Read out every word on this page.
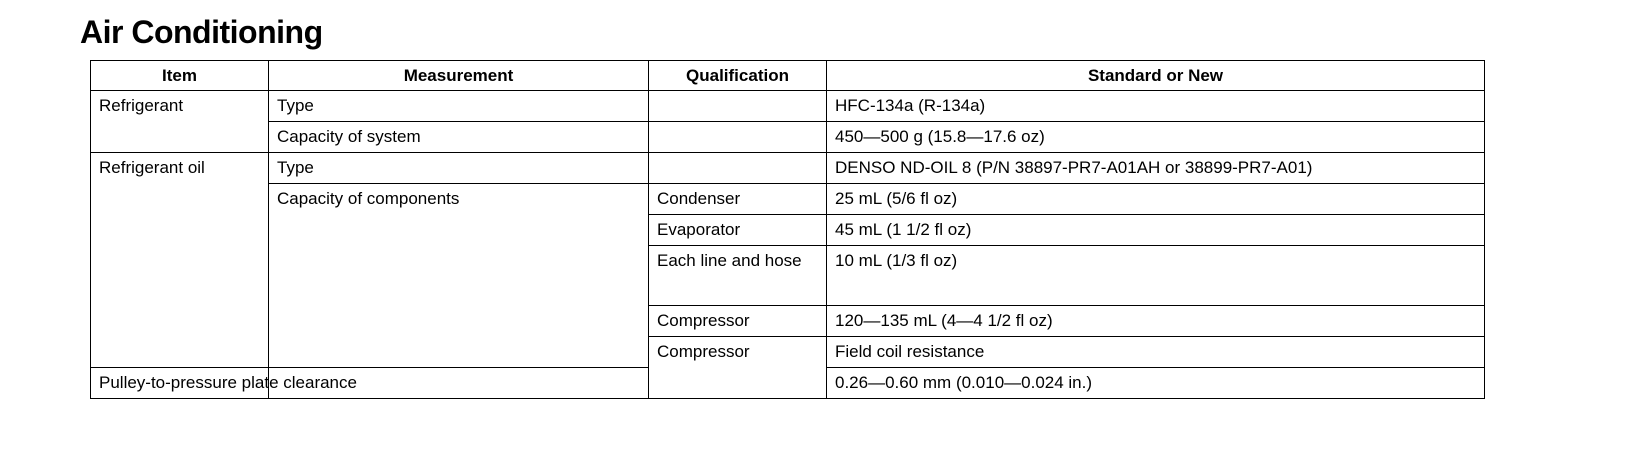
Air Conditioning
Item	Measurement	Qualification	Standard or New	
Refrigerant	Type		HFC-134a (R-134a)	
	Capacity of system		450—500 g (15.8—17.6 oz)	
Refrigerant oil	Type		DENSO ND-OIL 8 (P/N 38897-PR7-A01AH or 38899-PR7-A01)	
	Capacity of components	Condenser	25 mL (5/6 fl oz)	
		Evaporator	45 mL (1 1/2 fl oz)	
		Each line and hose	10 mL (1/3 fl oz)	
		Compressor	120—135 mL (4—4 1/2 fl oz)	
		Compressor	Field coil resistance		
Pulley-to-pressure plate clearance			0.26—0.60 mm (0.010—0.024 in.)	
